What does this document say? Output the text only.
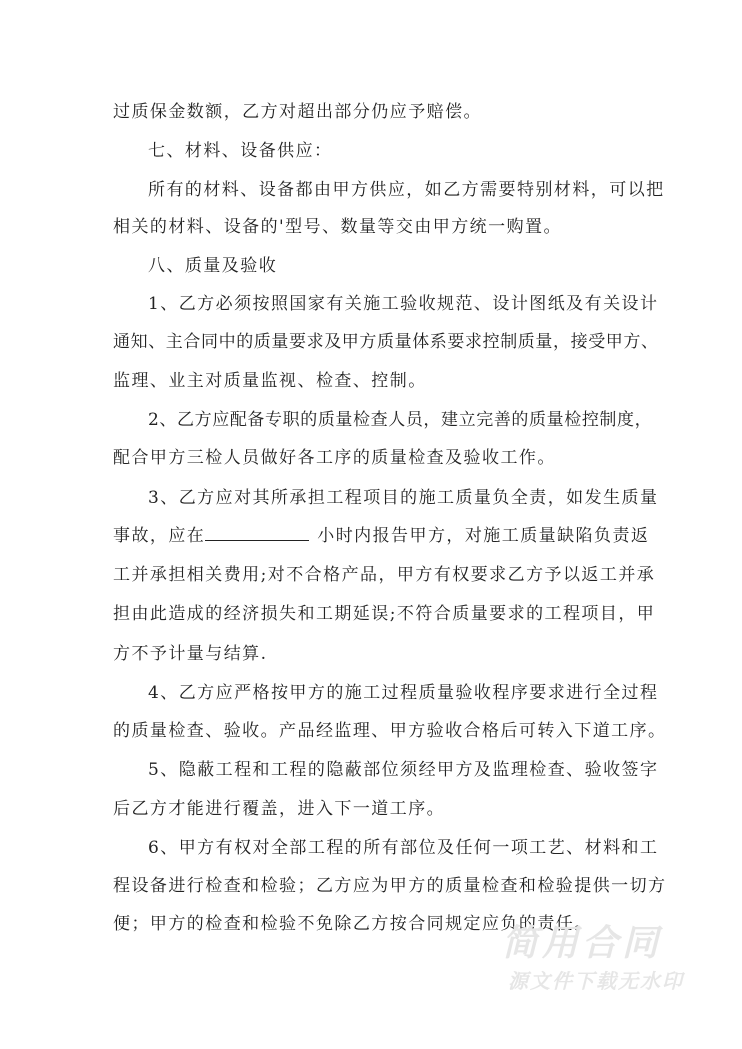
过质保金数额，乙方对超出部分仍应予赔偿。
七、材料、设备供应：
所有的材料、设备都由甲方供应，如乙方需要特别材料，可以把
相关的材料、设备的'型号、数量等交由甲方统一购置。
八、质量及验收
1、乙方必须按照国家有关施工验收规范、设计图纸及有关设计
通知、主合同中的质量要求及甲方质量体系要求控制质量，接受甲方、
监理、业主对质量监视、检查、控制。
2、乙方应配备专职的质量检查人员，建立完善的质量检控制度，
配合甲方三检人员做好各工序的质量检查及验收工作。
3、乙方应对其所承担工程项目的施工质量负全责，如发生质量
事故，应在	小时内报告甲方，对施工质量缺陷负责返
工并承担相关费用;对不合格产品，甲方有权要求乙方予以返工并承
担由此造成的经济损失和工期延误;不符合质量要求的工程项目，甲
方不予计量与结算.
4、乙方应严格按甲方的施工过程质量验收程序要求进行全过程
的质量检查、验收。产品经监理、甲方验收合格后可转入下道工序。
5、隐蔽工程和工程的隐蔽部位须经甲方及监理检查、验收签字
后乙方才能进行覆盖，进入下一道工序。
6、甲方有权对全部工程的所有部位及任何一项工艺、材料和工
程设备进行检查和检验；乙方应为甲方的质量检查和检验提供一切方
便；甲方的检查和检验不免除乙方按合同规定应负的责任。
简用合同
源文件下载无水印
